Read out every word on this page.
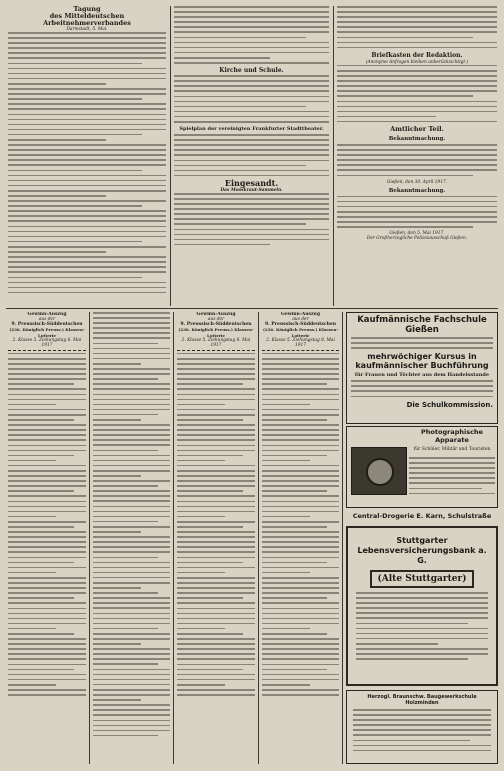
Tagung
des Mitteldeutschen Arbeitnehmerverbandes
Darmstadt, 5. Mai.
Kirche und Schule.
Spielplan der vereinigten Frankfurter Stadttheater.
Eingesandt.
Das Mooskraut-Sammeln.
Briefkasten der Redaktion.
(Anonyme Anfragen bleiben unberücksichtigt.)
Amtlicher Teil.
Bekanntmachung.
Gießen, den 30. April 1917.
Bekanntmachung.
Gießen, den 5. Mai 1917.
Der Großherzogliche Polizeiausschuß Gießen.
Gewinn-Auszug
aus der
9. Preussisch-Süddeutschen
(236. Königlich Preuss.) Klassen-Lotterie
2. Klasse 5. Ziehungstag 6. Mai 1917
Gewinn-Auszug
aus der
9. Preussisch-Süddeutschen
(236. Königlich Preuss.) Klassen-Lotterie
2. Klasse 5. Ziehungstag 8. Mai 1917
Gewinn-Auszug
aus der
9. Preussisch-Süddeutschen
(236. Königlich Preuss.) Klassen-Lotterie
2. Klasse 5. Ziehungstag 8. Mai 1917
Kaufmännische Fachschule Gießen
mehrwöchiger Kursus in kaufmännischer Buchführung
für Frauen und Töchter aus dem Handelsstande
Die Schulkommission.
Photographische Apparate
für Schüler, Militär und Touristen
Central-Drogerie E. Karn, Schulstraße
Stuttgarter Lebensversicherungsbank a. G.
(Alte Stuttgarter)
Herzogl. Braunschw. Baugewerkschule Holzminden
